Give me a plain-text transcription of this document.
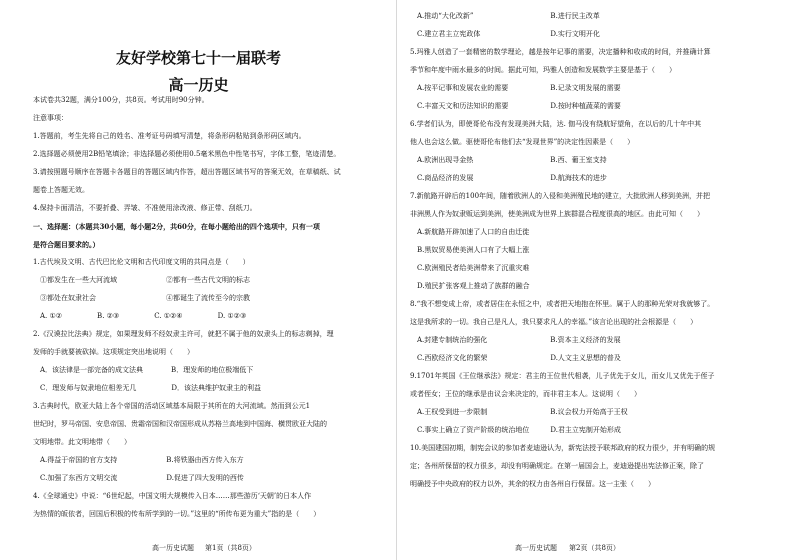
友好学校第七十一届联考
高一历史
本试卷共32题，满分100分，共8页。考试用时90分钟。
注意事项：
1.答题前，考生先将自己的姓名、准考证号码填写清楚，将条形码粘贴到条形码区域内。
2.选择题必须使用2B铅笔填涂；非选择题必须使用0.5毫米黑色中性笔书写，字体工整，笔迹清楚。
3.请按照题号顺序在答题卡各题目的答题区域内作答，超出答题区域书写的答案无效，在草稿纸、试
题卷上答题无效。
4.保持卡面清洁，不要折叠、弄皱、不准使用涂改液、修正带、刮纸刀。
一、选择题：（本题共30小题，每小题2分，共60分，在每小题给出的四个选项中，只有一项
是符合题目要求的。）
1.古代埃及文明、古代巴比伦文明和古代印度文明的共同点是（　　）
①都发生在一些大河流域　　　　　　　②都有一些古代文明的标志
③都处在奴隶社会　　　　　　　　　　④都诞生了流传至今的宗教
A. ①②　　　　　B. ②③　　　　　C. ①②④　　　　　D. ①②③
2.《汉谟拉比法典》规定，如果理发师不经奴隶主许可，就把不属于他的奴隶头上的标志剃掉，理
发师的手就要被砍掉。这项规定突出地说明（　　）
A．该法律是一部完备的成文法典　　　　B．理发师的地位极端低下
C．理发师与奴隶地位相差无几　　　　　D．该法典维护奴隶主的利益
3.古典时代，欧亚大陆上各个帝国的活动区域基本局限于其所在的大河流域。然而到公元1
世纪时，罗马帝国、安息帝国、贵霜帝国和汉帝国形成从苏格兰高地到中国海、横贯欧亚大陆的
文明地带。此文明地带（　　）
A.得益于帝国的官方支持　　　　　　　B.将铁器由西方传入东方
C.加强了东西方文明交流　　　　　　　D.促进了四大发明的西传
4.《全球通史》中说：“6世纪起，中国文明大规模传入日本……那些游历‘天朝’的日本人作
为热情的皈依者，回国后积极的传布所学到的一切。”这里的“所传布更为重大”指的是（　　）
高一历史试题 第1页（共8页）
A.推动“大化改新”　　　　　　　　　　　B.进行民主改革
C.建立君主立宪政体　　　　　　　　　　D.实行文明开化
5.玛雅人创造了一套精密的数学理论，越是按年记事的需要，决定播种和收成的时间，并推确计算
季节和年度中雨水最多的时间。据此可知，玛雅人创造和发展数学主要是基于（　　）
A.按平记事和发展农业的需要　　　　　　B.记录文明发展的需要
C.丰富天文和历法知识的需要　　　　　　D.按时种植蔬菜的需要
6.学者们认为，即使哥伦布没有发现美洲大陆，达. 伽马没有绕航好望角，在以后的几十年中其
他人也会这么做。驱使哥伦布他们去“发现世界”的决定性因素是（　　）
A.欧洲出现寻金热　　　　　　　　　　　B.西、葡王室支持
C.商品经济的发展　　　　　　　　　　　D.航海技术的进步
7.新航路开辟后的100年间，随着欧洲人的入侵和美洲殖民地的建立，大批欧洲人移到美洲，并把
非洲黑人作为奴隶贩运到美洲，使美洲成为世界上族群混合程度很高的地区。由此可知（　　）
A.新航路开辟加速了人口的自由迁徙
B.黑奴贸易使美洲人口有了大幅上涨
C.欧洲殖民者给美洲带来了沉重灾难
D.殖民扩张客观上推动了族群的融合
8.“我不想变成上帝，或者居住在永恒之中，或者把天地抱在怀里。属于人的那种光荣对我就够了。
这是我所求的一切。我自己是凡人，我只要求凡人的幸福。”该言论出现的社会根源是（　　）
A.封建专制统治的强化　　　　　　　　　B.资本主义经济的发展
C.西欧经济文化的繁荣　　　　　　　　　D.人文主义思想的普及
9.1701年英国《王位继承法》规定：君主的王位世代相袭，儿子优先于女儿，而女儿又优先于侄子
或者侄女；王位的继承是由议会来决定的，而非君主本人。这说明（　　）
A.王权受到进一步限制　　　　　　　　　B.议会权力开始高于王权
C.事实上确立了资产阶级的统治地位　　　D.君主立宪制开始形成
10.美国建国初期，制宪会议的参加者麦迪逊认为，新宪法授予联邦政府的权力很少，并有明确的规
定；各州所保留的权力很多，却没有明确规定。在第一届国会上，麦迪逊提出宪法修正案，除了
明确授予中央政府的权力以外，其余的权力由各州自行保留。这一主张（　　）
高一历史试题 第2页（共8页）
